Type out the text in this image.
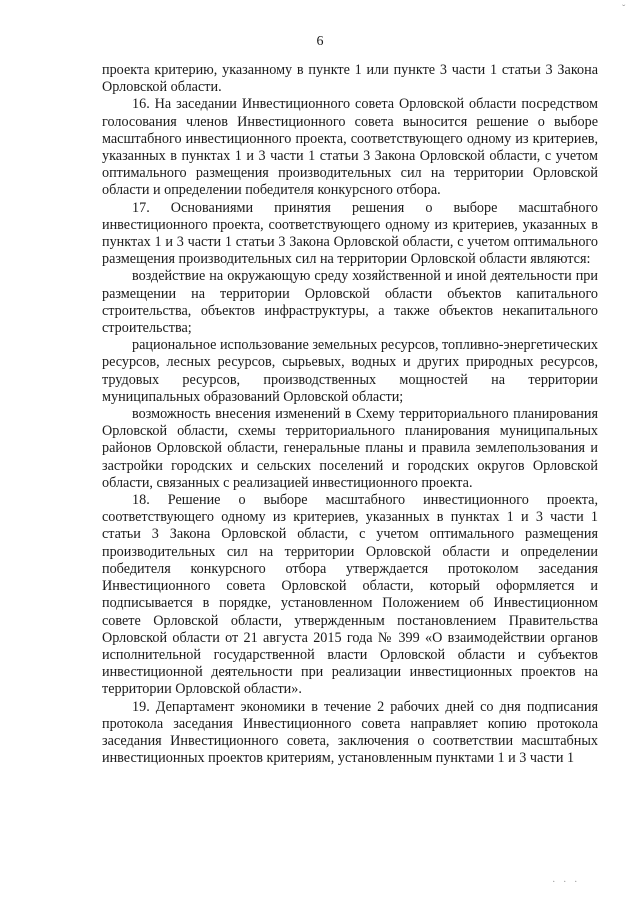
6

проекта критерию, указанному в пункте 1 или пункте 3 части 1 статьи 3 Закона Орловской области.

16. На заседании Инвестиционного совета Орловской области посредством голосования членов Инвестиционного совета выносится решение о выборе масштабного инвестиционного проекта, соответствующего одному из критериев, указанных в пунктах 1 и 3 части 1 статьи 3 Закона Орловской области, с учетом оптимального размещения производительных сил на территории Орловской области и определении победителя конкурсного отбора.

17. Основаниями принятия решения о выборе масштабного инвестиционного проекта, соответствующего одному из критериев, указанных в пунктах 1 и 3 части 1 статьи 3 Закона Орловской области, с учетом оптимального размещения производительных сил на территории Орловской области являются:

воздействие на окружающую среду хозяйственной и иной деятельности при размещении на территории Орловской области объектов капитального строительства, объектов инфраструктуры, а также объектов некапитального строительства;

рациональное использование земельных ресурсов, топливно-энергетических ресурсов, лесных ресурсов, сырьевых, водных и других природных ресурсов, трудовых ресурсов, производственных мощностей на территории муниципальных образований Орловской области;

возможность внесения изменений в Схему территориального планирования Орловской области, схемы территориального планирования муниципальных районов Орловской области, генеральные планы и правила землепользования и застройки городских и сельских поселений и городских округов Орловской области, связанных с реализацией инвестиционного проекта.

18. Решение о выборе масштабного инвестиционного проекта, соответствующего одному из критериев, указанных в пунктах 1 и 3 части 1 статьи 3 Закона Орловской области, с учетом оптимального размещения производительных сил на территории Орловской области и определении победителя конкурсного отбора утверждается протоколом заседания Инвестиционного совета Орловской области, который оформляется и подписывается в порядке, установленном Положением об Инвестиционном совете Орловской области, утвержденным постановлением Правительства Орловской области от 21 августа 2015 года № 399 «О взаимодействии органов исполнительной государственной власти Орловской области и субъектов инвестиционной деятельности при реализации инвестиционных проектов на территории Орловской области».

19. Департамент экономики в течение 2 рабочих дней со дня подписания протокола заседания Инвестиционного совета направляет копию протокола заседания Инвестиционного совета, заключения о соответствии масштабных инвестиционных проектов критериям, установленным пунктами 1 и 3 части 1

ˇ
. . .
